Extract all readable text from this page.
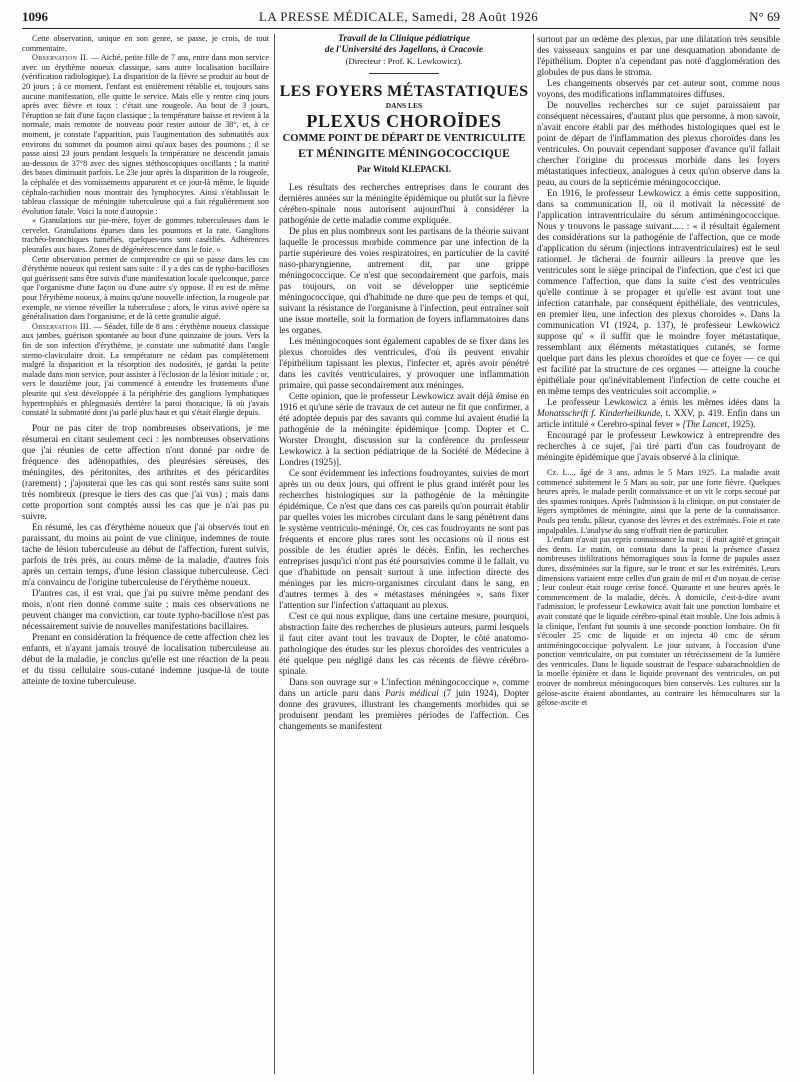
1096	LA PRESSE MÉDICALE, Samedi, 28 Août 1926	N° 69

Cette observation, unique en son genre, se passe, je crois, de tout commentaire.

Observation II. — Aiché, petite fille de 7 ans, entre dans mon service avec un érythème noueux classique, sans autre localisation bacillaire (vérification radiologique). La disparition de la fièvre se produit au bout de 20 jours ; à ce moment, l'enfant est entièrement rétablie et, toujours sans aucune manifestation, elle quitte le service. Mais elle y rentre cinq jours après avec fièvre et toux : c'était une rougeole. Au bout de 3 jours, l'éruption se fait d'une façon classique ; la température baisse et revient à la normale, mais remonte de nouveau pour rester autour de 38°, et, à ce moment, je constate l'apparition, puis l'augmentation des submatités aux environs du sommet du poumon ainsi qu'aux bases des poumons ; il se passe ainsi 23 jours pendant lesquels la température ne descendit jamais au-dessous de 37°8 avec des signes stéthoscopiques oscillants ; la matité des bases diminuait parfois. Le 23e jour après la disparition de la rougeole, la céphalée et des vomissements apparurent et ce jour-là même, le liquide céphalo-rachidien nous montrait des lymphocytes. Ainsi s'établissait le tableau classique de méningite tuberculeuse qui a fait régulièrement son évolution fatale. Voici la note d'autopsie :

« Granulations sur pie-mère, foyer de gommes tuberculeuses dans le cervelet. Granulations éparses dans les poumons et la rate. Ganglions trachéo-bronchiques tuméfiés, quelques-uns sont caséifiés. Adhérences pleurales aux bases. Zones de dégénérescence dans le foie. »

Cette observation permet de comprendre ce qui se passe dans les cas d'érythème noueux qui restent sans suite : il y a des cas de typho-bacilloses qui guérissent sans être suivis d'une manifestation locale quelconque, parce que l'organisme d'une façon ou d'une autre s'y oppose. Il en est de même pour l'érythème noueux, à moins qu'une nouvelle infection, la rougeole par exemple, ne vienne réveiller la tuberculose ; alors, le virus avivé opère sa généralisation dans l'organisme, et de là cette granulie aiguë.

Observation III. — Séadet, fille de 8 ans : érythème noueux classique aux jambes, guérison spontanée au bout d'une quinzaine de jours. Vers la fin de son infection d'érythème, je constate une submatité dans l'angle sterno-claviculaire droit. La température ne cédant pas complètement malgré la disparition et la résorption des nodosités, je gardai la petite malade dans mon service, pour assister à l'éclosion de la lésion initiale ; or, vers le douzième jour, j'ai commencé à entendre les frottements d'une pleurite qui s'est développée à la périphérie des ganglions lymphatiques hypertrophiés et phlegmasiés derrière la paroi thoracique, là où j'avais constaté la submatité dont j'ai parlé plus haut et qui s'était élargie depuis.

Pour ne pas citer de trop nombreuses observations, je me résumerai en citant seulement ceci : les nombreuses observations que j'ai réunies de cette affection n'ont donné par ordre de fréquence des adénopathies, des pleurésies séreuses, des méningites, des péritonites, des arthrites et des péricardites (rarement) ; j'ajouterai que les cas qui sont restés sans suite sont très nombreux (presque le tiers des cas que j'ai vus) ; mais dans cette proportion sont comptés aussi les cas que je n'ai pas pu suivre.

En résumé, les cas d'érythème noueux que j'ai observés tout en paraissant, du moins au point de vue clinique, indemnes de toute tache de lésion tuberculeuse au début de l'affection, furent suivis, parfois de très près, au cours même de la maladie, d'autres fois après un certain temps, d'une lésion classique tuberculeuse. Ceci m'a convaincu de l'origine tuberculeuse de l'érythème noueux.

D'autres cas, il est vrai, que j'ai pu suivre même pendant des mois, n'ont rien donné comme suite ; mais ces observations ne peuvent changer ma conviction, car toute typho-bacillose n'est pas nécessairement suivie de nouvelles manifestations bacillaires.

Prenant en considération la fréquence de cette affection chez les enfants, et n'ayant jamais trouvé de localisation tuberculeuse au début de la maladie, je conclus qu'elle est une réaction de la peau et du tissu cellulaire sous-cutané indemne jusque-là de toute atteinte de toxine tuberculeuse.

Travail de la Clinique pédiatrique
de l'Université des Jagellons, à Cracovie
(Directeur : Prof. K. Lewkowicz).
LES FOYERS MÉTASTATIQUES
DANS LES
PLEXUS CHOROÏDES
COMME POINT DE DÉPART DE VENTRICULITE
ET MÉNINGITE MÉNINGOCOCCIQUE
Par Witold KLEPACKI.

Les résultats des recherches entreprises dans le courant des dernières années sur la méningite épidémique ou plutôt sur la fièvre cérébro-spinale nous autorisent aujourd'hui à considérer la pathogénie de cette maladie comme expliquée.

De plus en plus nombreux sont les partisans de la théorie suivant laquelle le processus morbide commence par une infection de la partie supérieure des voies respiratoires, en particulier de la cavité naso-pharyngienne, autrement dit, par une grippe méningococcique. Ce n'est que secondairement que parfois, mais pas toujours, on voit se développer une septicémie méningococcique, qui d'habitude ne dure que peu de temps et qui, suivant la résistance de l'organisme à l'infection, peut entraîner soit une issue mortelle, soit la formation de foyers inflammatoires dans les organes.

Les méningocoques sont également capables de se fixer dans les plexus choroïdes des ventricules, d'où ils peuvent envahir l'épithélium tapissant les plexus, l'infecter et, après avoir pénétré dans les cavités ventriculaires, y provoquer une inflammation primaire, qui passe secondairement aux méninges.

Cette opinion, que le professeur Lewkowicz avait déjà émise en 1916 et qu'une série de travaux de cet auteur ne fit que confirmer, a été adoptée depuis par des savants qui comme lui avaient étudié la pathogénie de la méningite épidémique [comp. Dopter et C. Worster Drought, discussion sur la conférence du professeur Lewkowicz à la section pédiatrique de la Société de Médecine à Londres (1925)].

Ce sont évidemment les infections foudroyantes, suivies de mort après un ou deux jours, qui offrent le plus grand intérêt pour les recherches histologiques sur la pathogénie de la méningite épidémique. Ce n'est que dans ces cas pareils qu'on pourrait établir par quelles voies les microbes circulant dans le sang pénètrent dans le système ventriculo-méningé. Or, ces cas foudroyants ne sont pas fréquents et encore plus rares sont les occasions où il nous est possible de les étudier après le décès. Enfin, les recherches entreprises jusqu'ici n'ont pas été poursuivies comme il le fallait, vu que d'habitude on pensait surtout à une infection directe des méninges par les micro-organismes circulant dans le sang, en d'autres termes à des « métastases méningées », sans fixer l'attention sur l'infection s'attaquant au plexus.

C'est ce qui nous explique, dans une certaine mesure, pourquoi, abstraction faite des recherches de plusieurs auteurs, parmi lesquels il faut citer avant tout les travaux de Dopter, le côté anatomo-pathologique des études sur les plexus choroïdes des ventricules a été quelque peu négligé dans les cas récents de fièvre cérébro-spinale.

Dans son ouvrage sur « L'infection méningococcique », comme dans un article paru dans Paris médical (7 juin 1924), Dopter donne des gravures, illustrant les changements morbides qui se produisent pendant les premières périodes de l'affection. Ces changements se manifestent

surtout par un œdème des plexus, par une dilatation très sensible des vaisseaux sanguins et par une desquamation abondante de l'épithélium. Dopter n'a cependant pas noté d'agglomération des globules de pus dans le stroma.

Les changements observés par cet auteur sont, comme nous voyons, des modifications inflammatoires diffuses.

De nouvelles recherches sur ce sujet paraissaient par conséquent nécessaires, d'autant plus que personne, à mon savoir, n'avait encore établi par des méthodes histologiques quel est le point de départ de l'inflammation des plexus choroïdes dans les ventricules. On pouvait cependant supposer d'avance qu'il fallait chercher l'origine du processus morbide dans les foyers métastatiques infectieux, analogues à ceux qu'on observe dans la peau, au cours de la septicémie méningococcique.

En 1916, le professeur Lewkowicz a émis cette supposition, dans sa communication II, où il motivait la nécessité de l'application intraventriculaire du sérum antiméningococcique. Nous y trouvons le passage suivant..... : « il résultait également des considérations sur la pathogénie de l'affection, que ce mode d'application du sérum (injections intraventriculaires) est le seul rationnel. Je tâcherai de fournir ailleurs la preuve que les ventricules sont le siège principal de l'infection, que c'est ici que commence l'affection, que dans la suite c'est des ventricules qu'elle continue à se propager et qu'elle est avant tout une infection catarrhale, par conséquent épithéliale, des ventricules, en premier lieu, une infection des plexus choroïdes ». Dans la communication VI (1924, p. 137), le professeur Lewkowicz suppose qu' « il suffit que le moindre foyer métastatique, ressemblant aux éléments métastatiques cutanés, se forme quelque part dans les plexus choroïdes et que ce foyer — ce qui est facilité par la structure de ces organes — atteigne la couche épithéliale pour qu'inévitablement l'infection de cette couche et en même temps des ventricules soit accomplie. »

Le professeur Lewkowicz a émis les mêmes idées dans la Monatsschrift f. Kinderheilkunde, t. XXV, p. 419. Enfin dans un article intitulé « Cerebro-spinal fever » [The Lancet, 1925).

Encouragé par le professeur Lewkowicz à entreprendre des recherches à ce sujet, j'ai tiré parti d'un cas foudroyant de méningite épidémique que j'avais observé à la clinique.

Cz. L..., âgé de 3 ans, admis le 5 Mars 1925. La maladie avait commencé subitement le 5 Mars au soir, par une forte fièvre. Quelques heures après, le malade perdit connaissance et on vit le corps secoué par des spasmes toniques. Après l'admission à la clinique, on put constater de légers symptômes de méningite, ainsi que la perte de la connaissance. Pouls peu tendu, pâleur, cyanose des lèvres et des extrémités. Foie et rate impalpables. L'analyse du sang n'offrait rien de particulier.

L'enfant n'avait pas repris connaissance la nuit ; il était agité et grinçait des dents. Le matin, on constata dans la peau la présence d'assez nombreuses infiltrations hémorragiques sous la forme de papules assez dures, disséminées sur la figure, sur le tronc et sur les extrémités. Leurs dimensions variaient entre celles d'un grain de mil et d'un noyau de cerise ; leur couleur était rouge cerise foncé. Quarante et une heures après le commencement de la maladie, décès. À domicile, c'est-à-dire avant l'admission, le professeur Lewkowicz avait fait une ponction lombaire et avait constaté que le liquide cérébro-spinal était trouble. Une fois admis à la clinique, l'enfant fut soumis à une seconde ponction lombaire. On fit s'écouler 25 cmc de liquide et on injecta 40 cmc de sérum antiméningococcique polyvalent. Le jour suivant, à l'occasion d'une ponction ventriculaire, on put constater un rétrécissement de la lumière des ventricules. Dans le liquide soustrait de l'espace subarachnoïdien de la moelle épinière et dans le liquide provenant des ventricules, on put trouver de nombreux méningocoques bien conservés. Les cultures sur la gélose-ascite étaient abondantes, au contraire les hémocultures sur la gélose-ascite et
